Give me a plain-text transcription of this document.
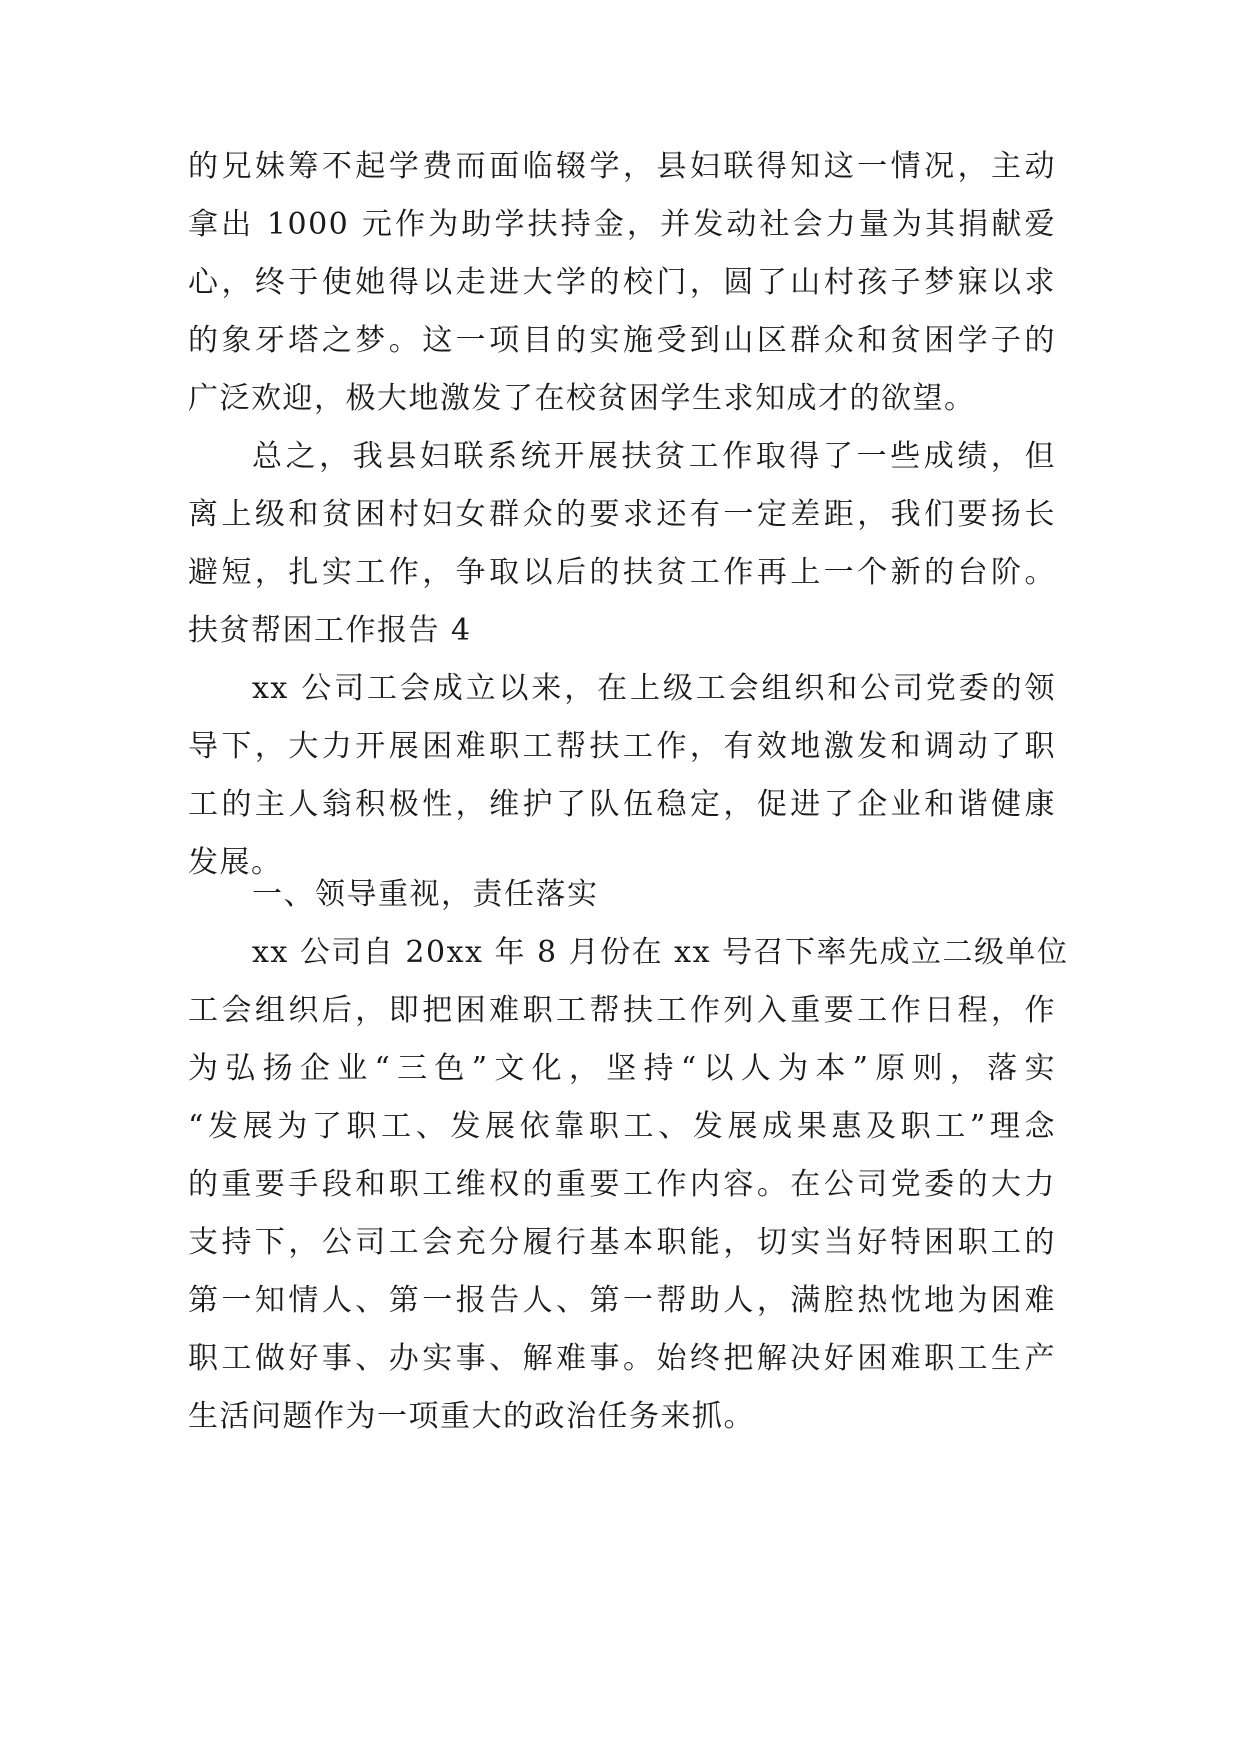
的兄妹筹不起学费而面临辍学，县妇联得知这一情况，主动
拿出 1000 元作为助学扶持金，并发动社会力量为其捐献爱
心，终于使她得以走进大学的校门，圆了山村孩子梦寐以求
的象牙塔之梦。这一项目的实施受到山区群众和贫困学子的
广泛欢迎，极大地激发了在校贫困学生求知成才的欲望。
总之，我县妇联系统开展扶贫工作取得了一些成绩，但
离上级和贫困村妇女群众的要求还有一定差距，我们要扬长
避短，扎实工作，争取以后的扶贫工作再上一个新的台阶。
扶贫帮困工作报告 4
xx 公司工会成立以来，在上级工会组织和公司党委的领
导下，大力开展困难职工帮扶工作，有效地激发和调动了职
工的主人翁积极性，维护了队伍稳定，促进了企业和谐健康
发展。
一、领导重视，责任落实
xx 公司自 20xx 年 8 月份在 xx 号召下率先成立二级单位
工会组织后，即把困难职工帮扶工作列入重要工作日程，作
为弘扬企业“三色”文化，坚持“以人为本”原则，落实
“发展为了职工、发展依靠职工、发展成果惠及职工”理念
的重要手段和职工维权的重要工作内容。在公司党委的大力
支持下，公司工会充分履行基本职能，切实当好特困职工的
第一知情人、第一报告人、第一帮助人，满腔热忱地为困难
职工做好事、办实事、解难事。始终把解决好困难职工生产
生活问题作为一项重大的政治任务来抓。
